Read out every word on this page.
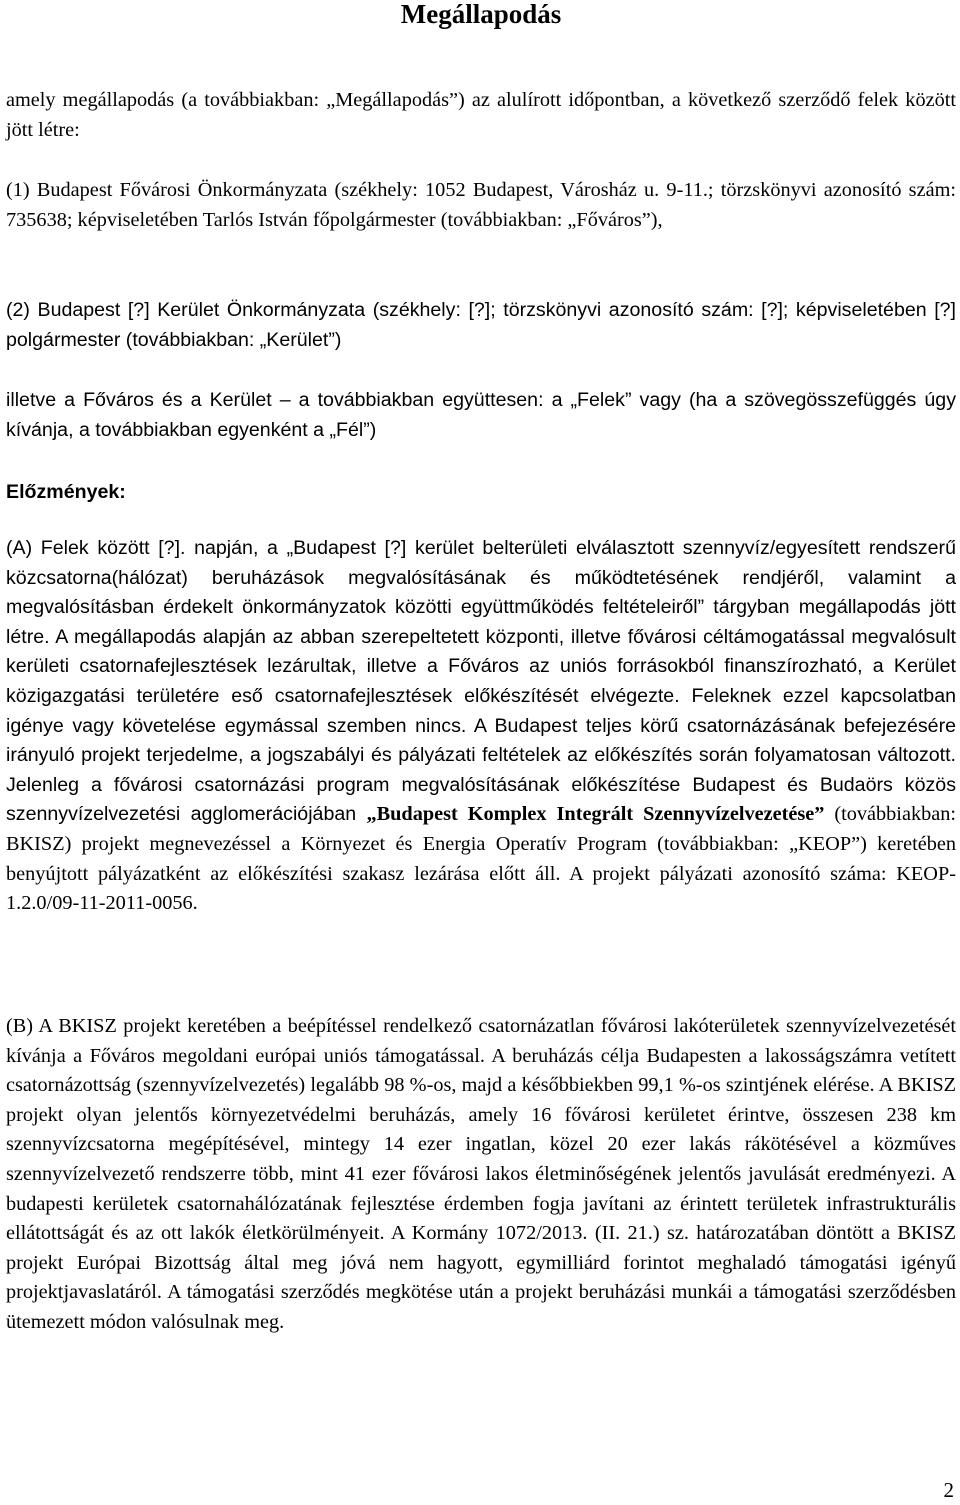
Megállapodás

amely megállapodás (a továbbiakban: „Megállapodás”) az alulírott időpontban, a következő szerződő felek között jött létre:

(1) Budapest Fővárosi Önkormányzata (székhely: 1052 Budapest, Városház u. 9-11.; törzskönyvi azonosító szám: 735638; képviseletében Tarlós István főpolgármester (továbbiakban: „Főváros”),

(2) Budapest [?] Kerület Önkormányzata (székhely: [?]; törzskönyvi azonosító szám: [?]; képviseletében [?] polgármester (továbbiakban: „Kerület”)

illetve a Főváros és a Kerület – a továbbiakban együttesen: a „Felek” vagy (ha a szövegösszefüggés úgy kívánja, a továbbiakban egyenként a „Fél”)

Előzmények:

(A) Felek között [?]. napján, a „Budapest [?] kerület belterületi elválasztott szennyvíz/egyesített rendszerű közcsatorna(hálózat) beruházások megvalósításának és működtetésének rendjéről, valamint a megvalósításban érdekelt önkormányzatok közötti együttműködés feltételeiről” tárgyban megállapodás jött létre. A megállapodás alapján az abban szerepeltetett központi, illetve fővárosi céltámogatással megvalósult kerületi csatornafejlesztések lezárultak, illetve a Főváros az uniós forrásokból finanszírozható, a Kerület közigazgatási területére eső csatornafejlesztések előkészítését elvégezte. Feleknek ezzel kapcsolatban igénye vagy követelése egymással szemben nincs. A Budapest teljes körű csatornázásának befejezésére irányuló projekt terjedelme, a jogszabályi és pályázati feltételek az előkészítés során folyamatosan változott. Jelenleg a fővárosi csatornázási program megvalósításának előkészítése Budapest és Budaörs közös szennyvízelvezetési agglomerációjában „Budapest Komplex Integrált Szennyvízelvezetése” (továbbiakban: BKISZ) projekt megnevezéssel a Környezet és Energia Operatív Program (továbbiakban: „KEOP”) keretében benyújtott pályázatként az előkészítési szakasz lezárása előtt áll. A projekt pályázati azonosító száma: KEOP-1.2.0/09-11-2011-0056.

(B) A BKISZ projekt keretében a beépítéssel rendelkező csatornázatlan fővárosi lakóterületek szennyvízelvezetését kívánja a Főváros megoldani európai uniós támogatással. A beruházás célja Budapesten a lakosságszámra vetített csatornázottság (szennyvízelvezetés) legalább 98 %-os, majd a későbbiekben 99,1 %-os szintjének elérése. A BKISZ projekt olyan jelentős környezetvédelmi beruházás, amely 16 fővárosi kerületet érintve, összesen 238 km szennyvízcsatorna megépítésével, mintegy 14 ezer ingatlan, közel 20 ezer lakás rákötésével a közműves szennyvízelvezető rendszerre több, mint 41 ezer fővárosi lakos életminőségének jelentős javulását eredményezi. A budapesti kerületek csatornahálózatának fejlesztése érdemben fogja javítani az érintett területek infrastrukturális ellátottságát és az ott lakók életkörülményeit. A Kormány 1072/2013. (II. 21.) sz. határozatában döntött a BKISZ projekt Európai Bizottság által meg jóvá nem hagyott, egymilliárd forintot meghaladó támogatási igényű projektjavaslatáról. A támogatási szerződés megkötése után a projekt beruházási munkái a támogatási szerződésben ütemezett módon valósulnak meg.

2
